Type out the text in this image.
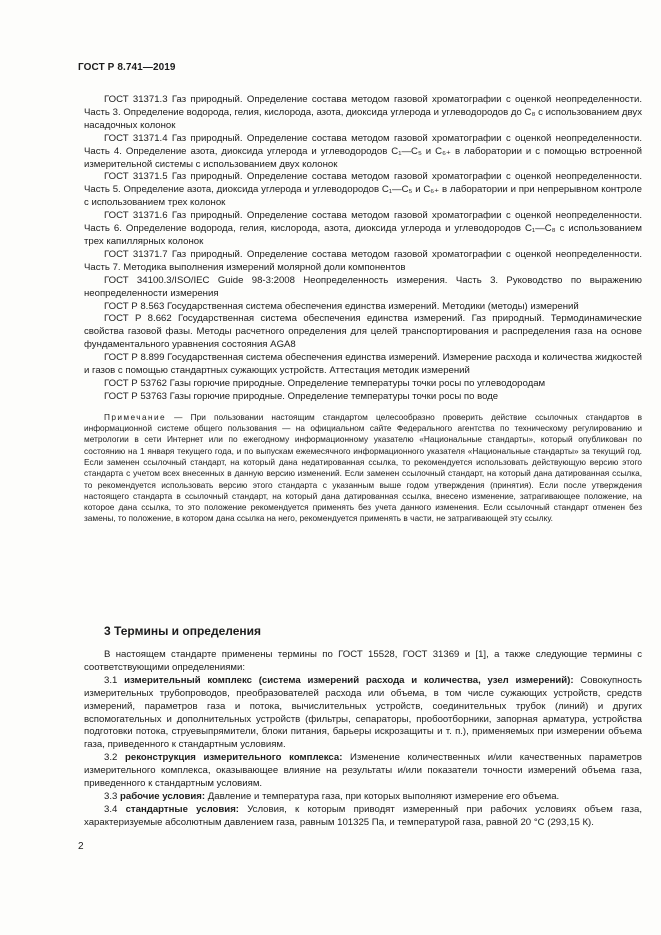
ГОСТ Р 8.741—2019

ГОСТ 31371.3 Газ природный. Определение состава методом газовой хроматографии с оценкой неопределенности. Часть 3. Определение водорода, гелия, кислорода, азота, диоксида углерода и углеводородов до C₈ с использованием двух насадочных колонок

ГОСТ 31371.4 Газ природный. Определение состава методом газовой хроматографии с оценкой неопределенности. Часть 4. Определение азота, диоксида углерода и углеводородов C₁—C₅ и C₆₊ в лаборатории и с помощью встроенной измерительной системы с использованием двух колонок

ГОСТ 31371.5 Газ природный. Определение состава методом газовой хроматографии с оценкой неопределенности. Часть 5. Определение азота, диоксида углерода и углеводородов C₁—C₅ и C₆₊ в лаборатории и при непрерывном контроле с использованием трех колонок

ГОСТ 31371.6 Газ природный. Определение состава методом газовой хроматографии с оценкой неопределенности. Часть 6. Определение водорода, гелия, кислорода, азота, диоксида углерода и углеводородов C₁—C₈ с использованием трех капиллярных колонок

ГОСТ 31371.7 Газ природный. Определение состава методом газовой хроматографии с оценкой неопределенности. Часть 7. Методика выполнения измерений молярной доли компонентов

ГОСТ 34100.3/ISO/IEC Guide 98-3:2008 Неопределенность измерения. Часть 3. Руководство по выражению неопределенности измерения

ГОСТ Р 8.563 Государственная система обеспечения единства измерений. Методики (методы) измерений

ГОСТ Р 8.662 Государственная система обеспечения единства измерений. Газ природный. Термодинамические свойства газовой фазы. Методы расчетного определения для целей транспортирования и распределения газа на основе фундаментального уравнения состояния AGA8

ГОСТ Р 8.899 Государственная система обеспечения единства измерений. Измерение расхода и количества жидкостей и газов с помощью стандартных сужающих устройств. Аттестация методик измерений

ГОСТ Р 53762 Газы горючие природные. Определение температуры точки росы по углеводородам

ГОСТ Р 53763 Газы горючие природные. Определение температуры точки росы по воде

Примечание — При пользовании настоящим стандартом целесообразно проверить действие ссылочных стандартов в информационной системе общего пользования — на официальном сайте Федерального агентства по техническому регулированию и метрологии в сети Интернет или по ежегодному информационному указателю «Национальные стандарты», который опубликован по состоянию на 1 января текущего года, и по выпускам ежемесячного информационного указателя «Национальные стандарты» за текущий год. Если заменен ссылочный стандарт, на который дана недатированная ссылка, то рекомендуется использовать действующую версию этого стандарта с учетом всех внесенных в данную версию изменений. Если заменен ссылочный стандарт, на который дана датированная ссылка, то рекомендуется использовать версию этого стандарта с указанным выше годом утверждения (принятия). Если после утверждения настоящего стандарта в ссылочный стандарт, на который дана датированная ссылка, внесено изменение, затрагивающее положение, на которое дана ссылка, то это положение рекомендуется применять без учета данного изменения. Если ссылочный стандарт отменен без замены, то положение, в котором дана ссылка на него, рекомендуется применять в части, не затрагивающей эту ссылку.

3 Термины и определения

В настоящем стандарте применены термины по ГОСТ 15528, ГОСТ 31369 и [1], а также следующие термины с соответствующими определениями:

3.1 измерительный комплекс (система измерений расхода и количества, узел измерений): Совокупность измерительных трубопроводов, преобразователей расхода или объема, в том числе сужающих устройств, средств измерений, параметров газа и потока, вычислительных устройств, соединительных трубок (линий) и других вспомогательных и дополнительных устройств (фильтры, сепараторы, пробоотборники, запорная арматура, устройства подготовки потока, струевыпрямители, блоки питания, барьеры искрозащиты и т. п.), применяемых при измерении объема газа, приведенного к стандартным условиям.

3.2 реконструкция измерительного комплекса: Изменение количественных и/или качественных параметров измерительного комплекса, оказывающее влияние на результаты и/или показатели точности измерений объема газа, приведенного к стандартным условиям.

3.3 рабочие условия: Давление и температура газа, при которых выполняют измерение его объема.

3.4 стандартные условия: Условия, к которым приводят измеренный при рабочих условиях объем газа, характеризуемые абсолютным давлением газа, равным 101325 Па, и температурой газа, равной 20 °С (293,15 К).

2
